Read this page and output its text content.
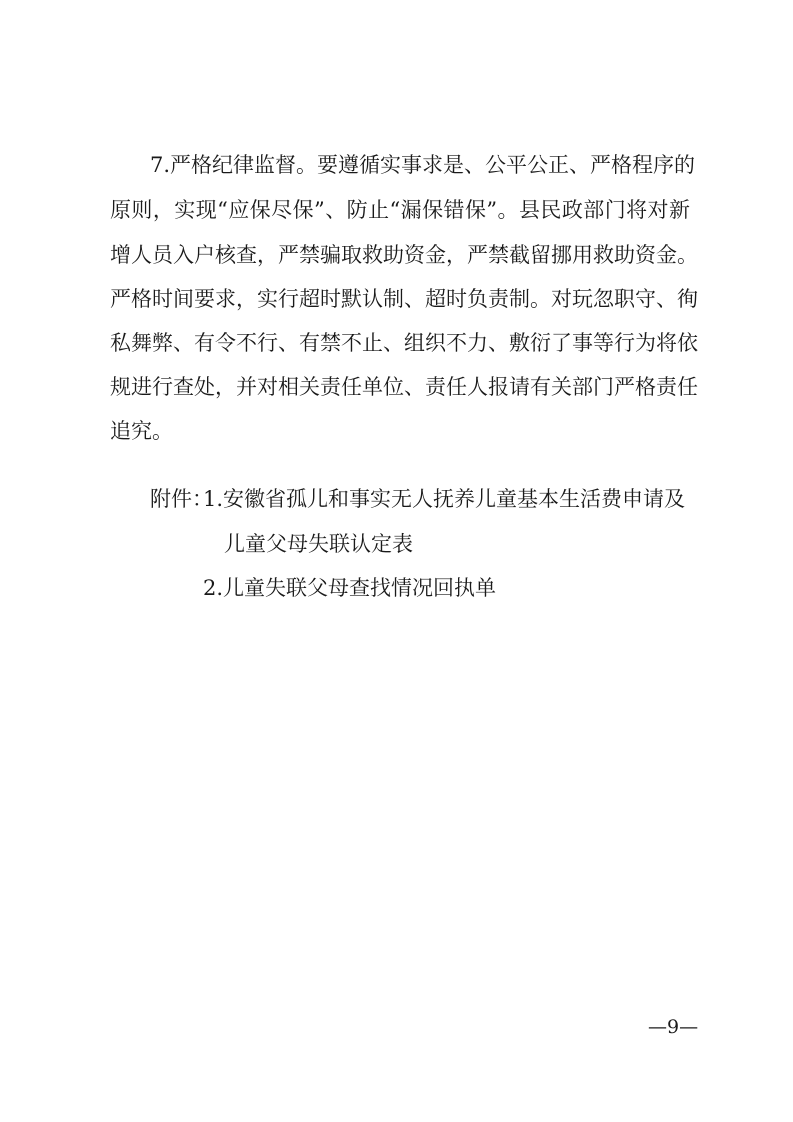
7.严格纪律监督。要遵循实事求是、公平公正、严格程序的
原则，实现“应保尽保”、防止“漏保错保”。县民政部门将对新
增人员入户核查，严禁骗取救助资金，严禁截留挪用救助资金。
严格时间要求，实行超时默认制、超时负责制。对玩忽职守、徇
私舞弊、有令不行、有禁不止、组织不力、敷衍了事等行为将依
规进行查处，并对相关责任单位、责任人报请有关部门严格责任
追究。
附件：
1.安徽省孤儿和事实无人抚养儿童基本生活费申请及
儿童父母失联认定表
2.儿童失联父母查找情况回执单
—9—
